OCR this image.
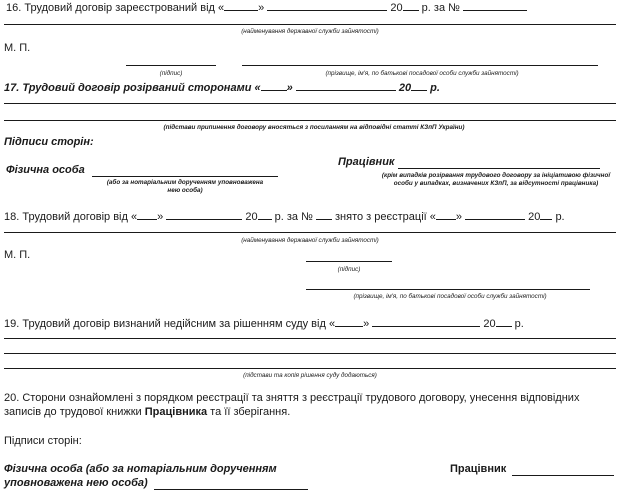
16. Трудовий договір зареєстрований від «	»	20 р. за №
(найменування державної служби зайнятості)
М. П.
(підпис)	(прізвище, ім'я, по батькові посадової особи служби зайнятості)
17. Трудовий договір розірваний сторонами « »	20 р.
(підстави припинення договору вносяться з посиланням на відповідні статті КЗпП України)
Підписи сторін:
Фізична особа
(або за нотаріальним дорученням уповноважена нею особа)
Працівник
(крім випадків розірвання трудового договору за ініціативою фізичної особи у випадках, визначених КЗпП, за відсутності працівника)
18. Трудовий договір від « »	20 р. за № знято з реєстрації « »	20 р.
(найменування державної служби зайнятості)
М. П.
(підпис)
(прізвище, ім'я, по батькові посадової особи служби зайнятості)
19. Трудовий договір визнаний недійсним за рішенням суду від «	»	20 р.
(підстави та копія рішення суду додаються)
20. Сторони ознайомлені з порядком реєстрації та зняття з реєстрації трудового договору, унесення відповідних
записів до трудової книжки Працівника та її зберігання.
Підписи сторін:
Фізична особа (або за нотаріальним дорученням
уповноважена нею особа)
Працівник
